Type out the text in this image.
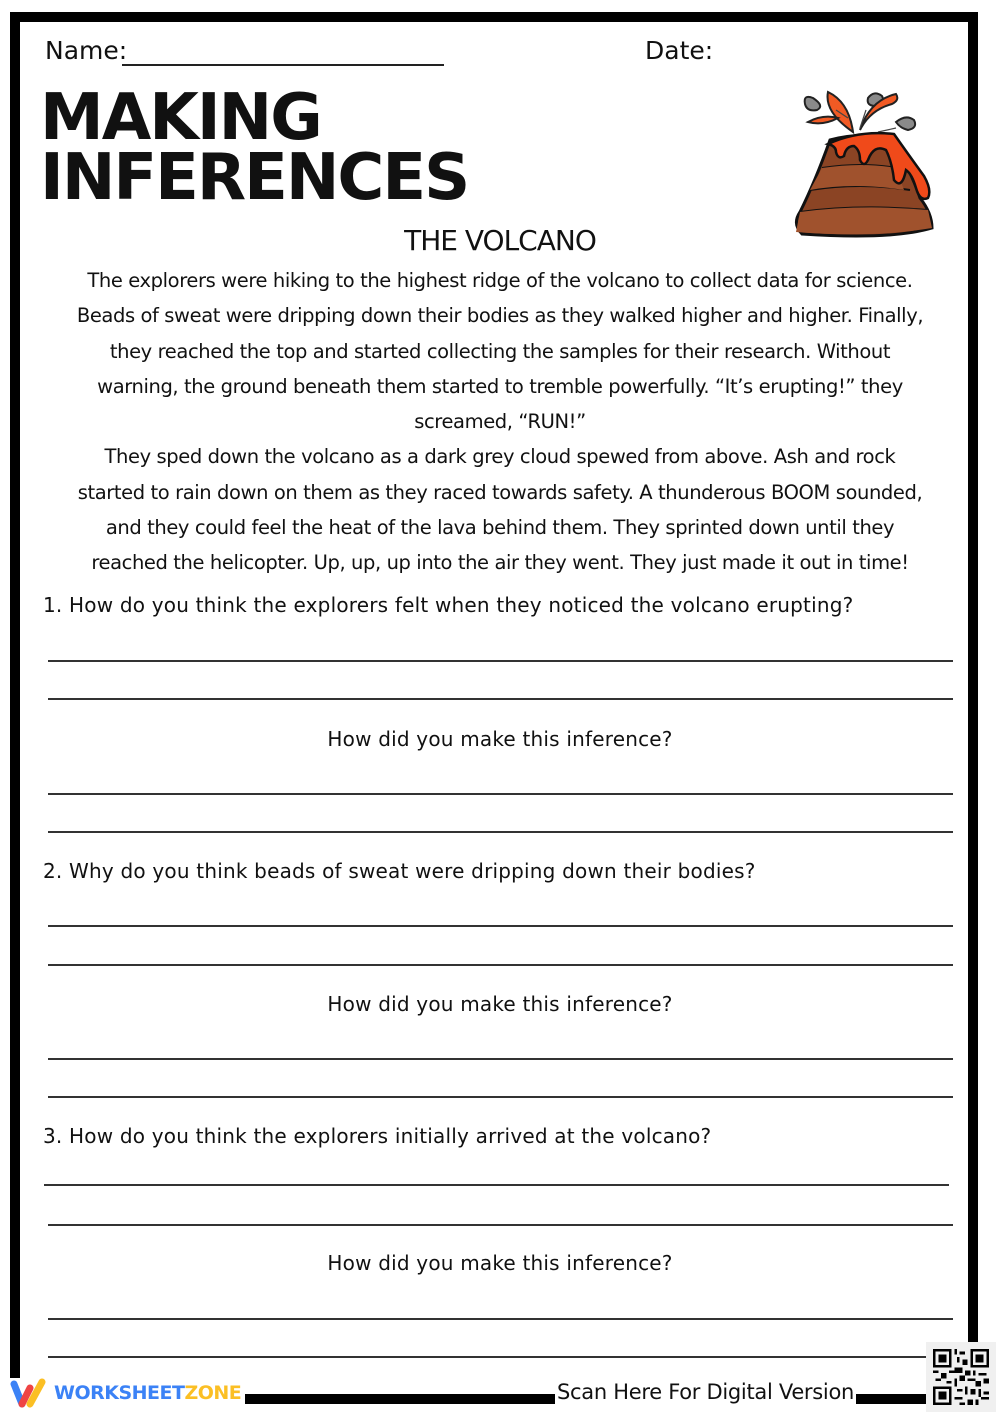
Name:	Date:
MAKING
INFERENCES
THE VOLCANO

The explorers were hiking to the highest ridge of the volcano to collect data for science.

Beads of sweat were dripping down their bodies as they walked higher and higher. Finally,

they reached the top and started collecting the samples for their research. Without

warning, the ground beneath them started to tremble powerfully. “It’s erupting!” they

screamed, “RUN!”

They sped down the volcano as a dark grey cloud spewed from above. Ash and rock

started to rain down on them as they raced towards safety. A thunderous BOOM sounded,

and they could feel the heat of the lava behind them. They sprinted down until they

reached the helicopter. Up, up, up into the air they went. They just made it out in time!

1. How do you think the explorers felt when they noticed the volcano erupting?
How did you make this inference?
2. Why do you think beads of sweat were dripping down their bodies?
How did you make this inference?
3. How do you think the explorers initially arrived at the volcano?
How did you make this inference?
WORKSHEETZONE	Scan Here For Digital Version
